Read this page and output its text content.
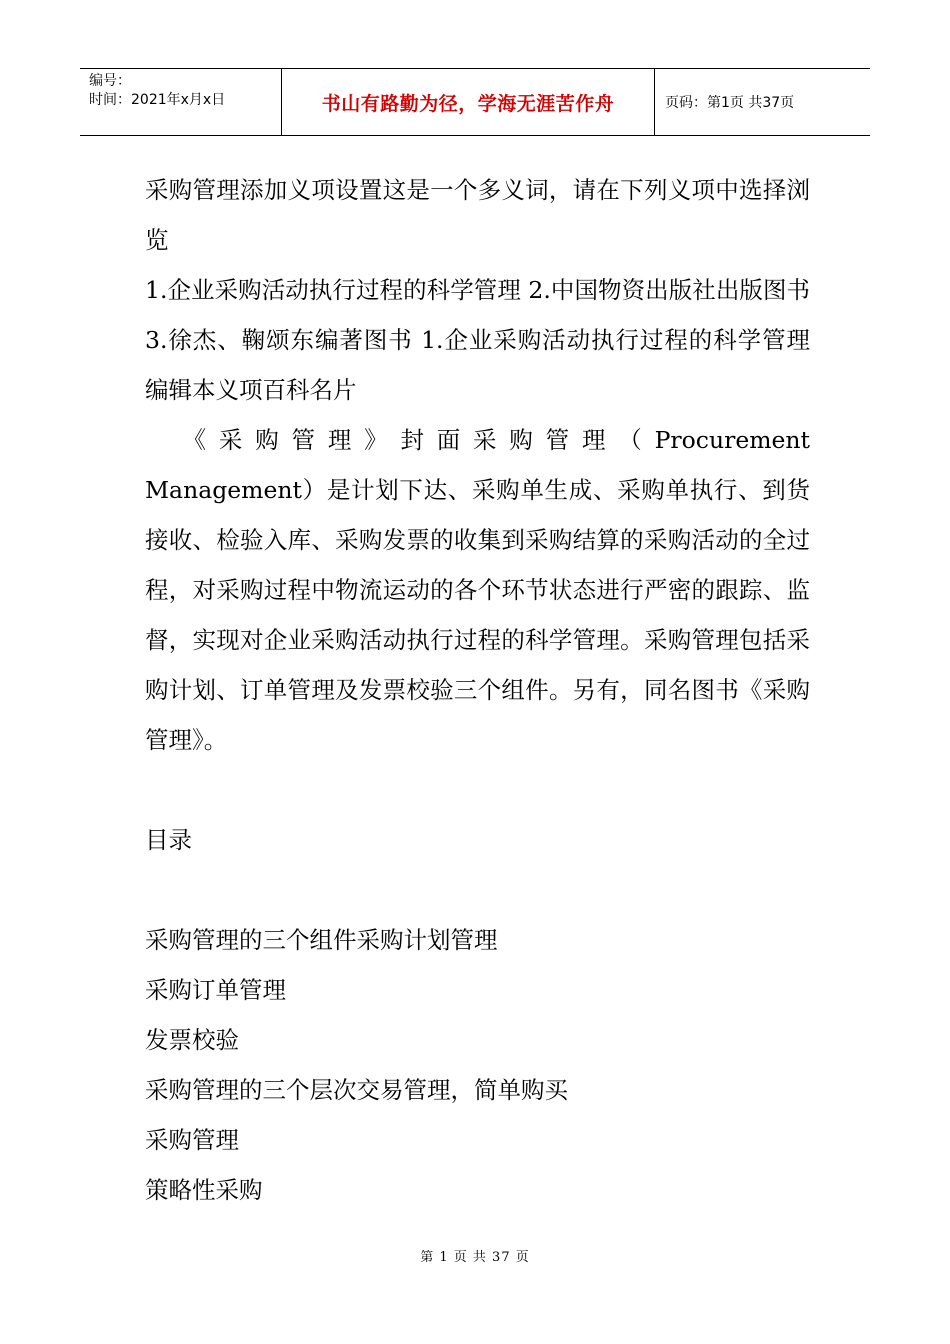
编号：
时间：2021年x月x日	书山有路勤为径，学海无涯苦作舟	页码：第1页 共37页

采购管理添加义项设置这是一个多义词，请在下列义项中选择浏览

1.企业采购活动执行过程的科学管理 2.中国物资出版社出版图书 3.徐杰、鞠颂东编著图书 1.企业采购活动执行过程的科学管理 编辑本义项百科名片

《采购管理》封面采购管理（Procurement Management）是计划下达、采购单生成、采购单执行、到货接收、检验入库、采购发票的收集到采购结算的采购活动的全过程，对采购过程中物流运动的各个环节状态进行严密的跟踪、监督，实现对企业采购活动执行过程的科学管理。采购管理包括采购计划、订单管理及发票校验三个组件。另有，同名图书《采购管理》。

目录

采购管理的三个组件采购计划管理

采购订单管理

发票校验

采购管理的三个层次交易管理，简单购买

采购管理

策略性采购

第 1 页 共 37 页
